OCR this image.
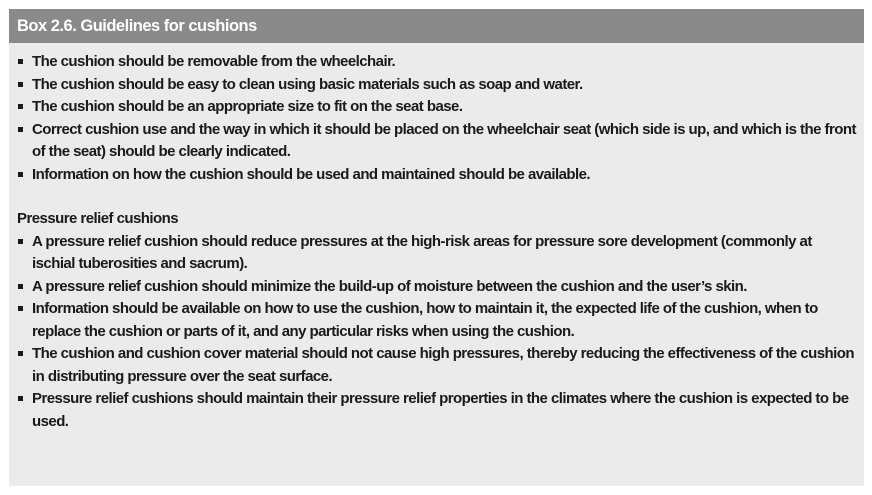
Box 2.6. Guidelines for cushions
The cushion should be removable from the wheelchair.
The cushion should be easy to clean using basic materials such as soap and water.
The cushion should be an appropriate size to fit on the seat base.
Correct cushion use and the way in which it should be placed on the wheelchair seat (which side is up, and which is the front of the seat) should be clearly indicated.
Information on how the cushion should be used and maintained should be available.
Pressure relief cushions
A pressure relief cushion should reduce pressures at the high-risk areas for pressure sore development (commonly at ischial tuberosities and sacrum).
A pressure relief cushion should minimize the build-up of moisture between the cushion and the user’s skin.
Information should be available on how to use the cushion, how to maintain it, the expected life of the cushion, when to replace the cushion or parts of it, and any particular risks when using the cushion.
The cushion and cushion cover material should not cause high pressures, thereby reducing the effectiveness of the cushion in distributing pressure over the seat surface.
Pressure relief cushions should maintain their pressure relief properties in the climates where the cushion is expected to be used.
